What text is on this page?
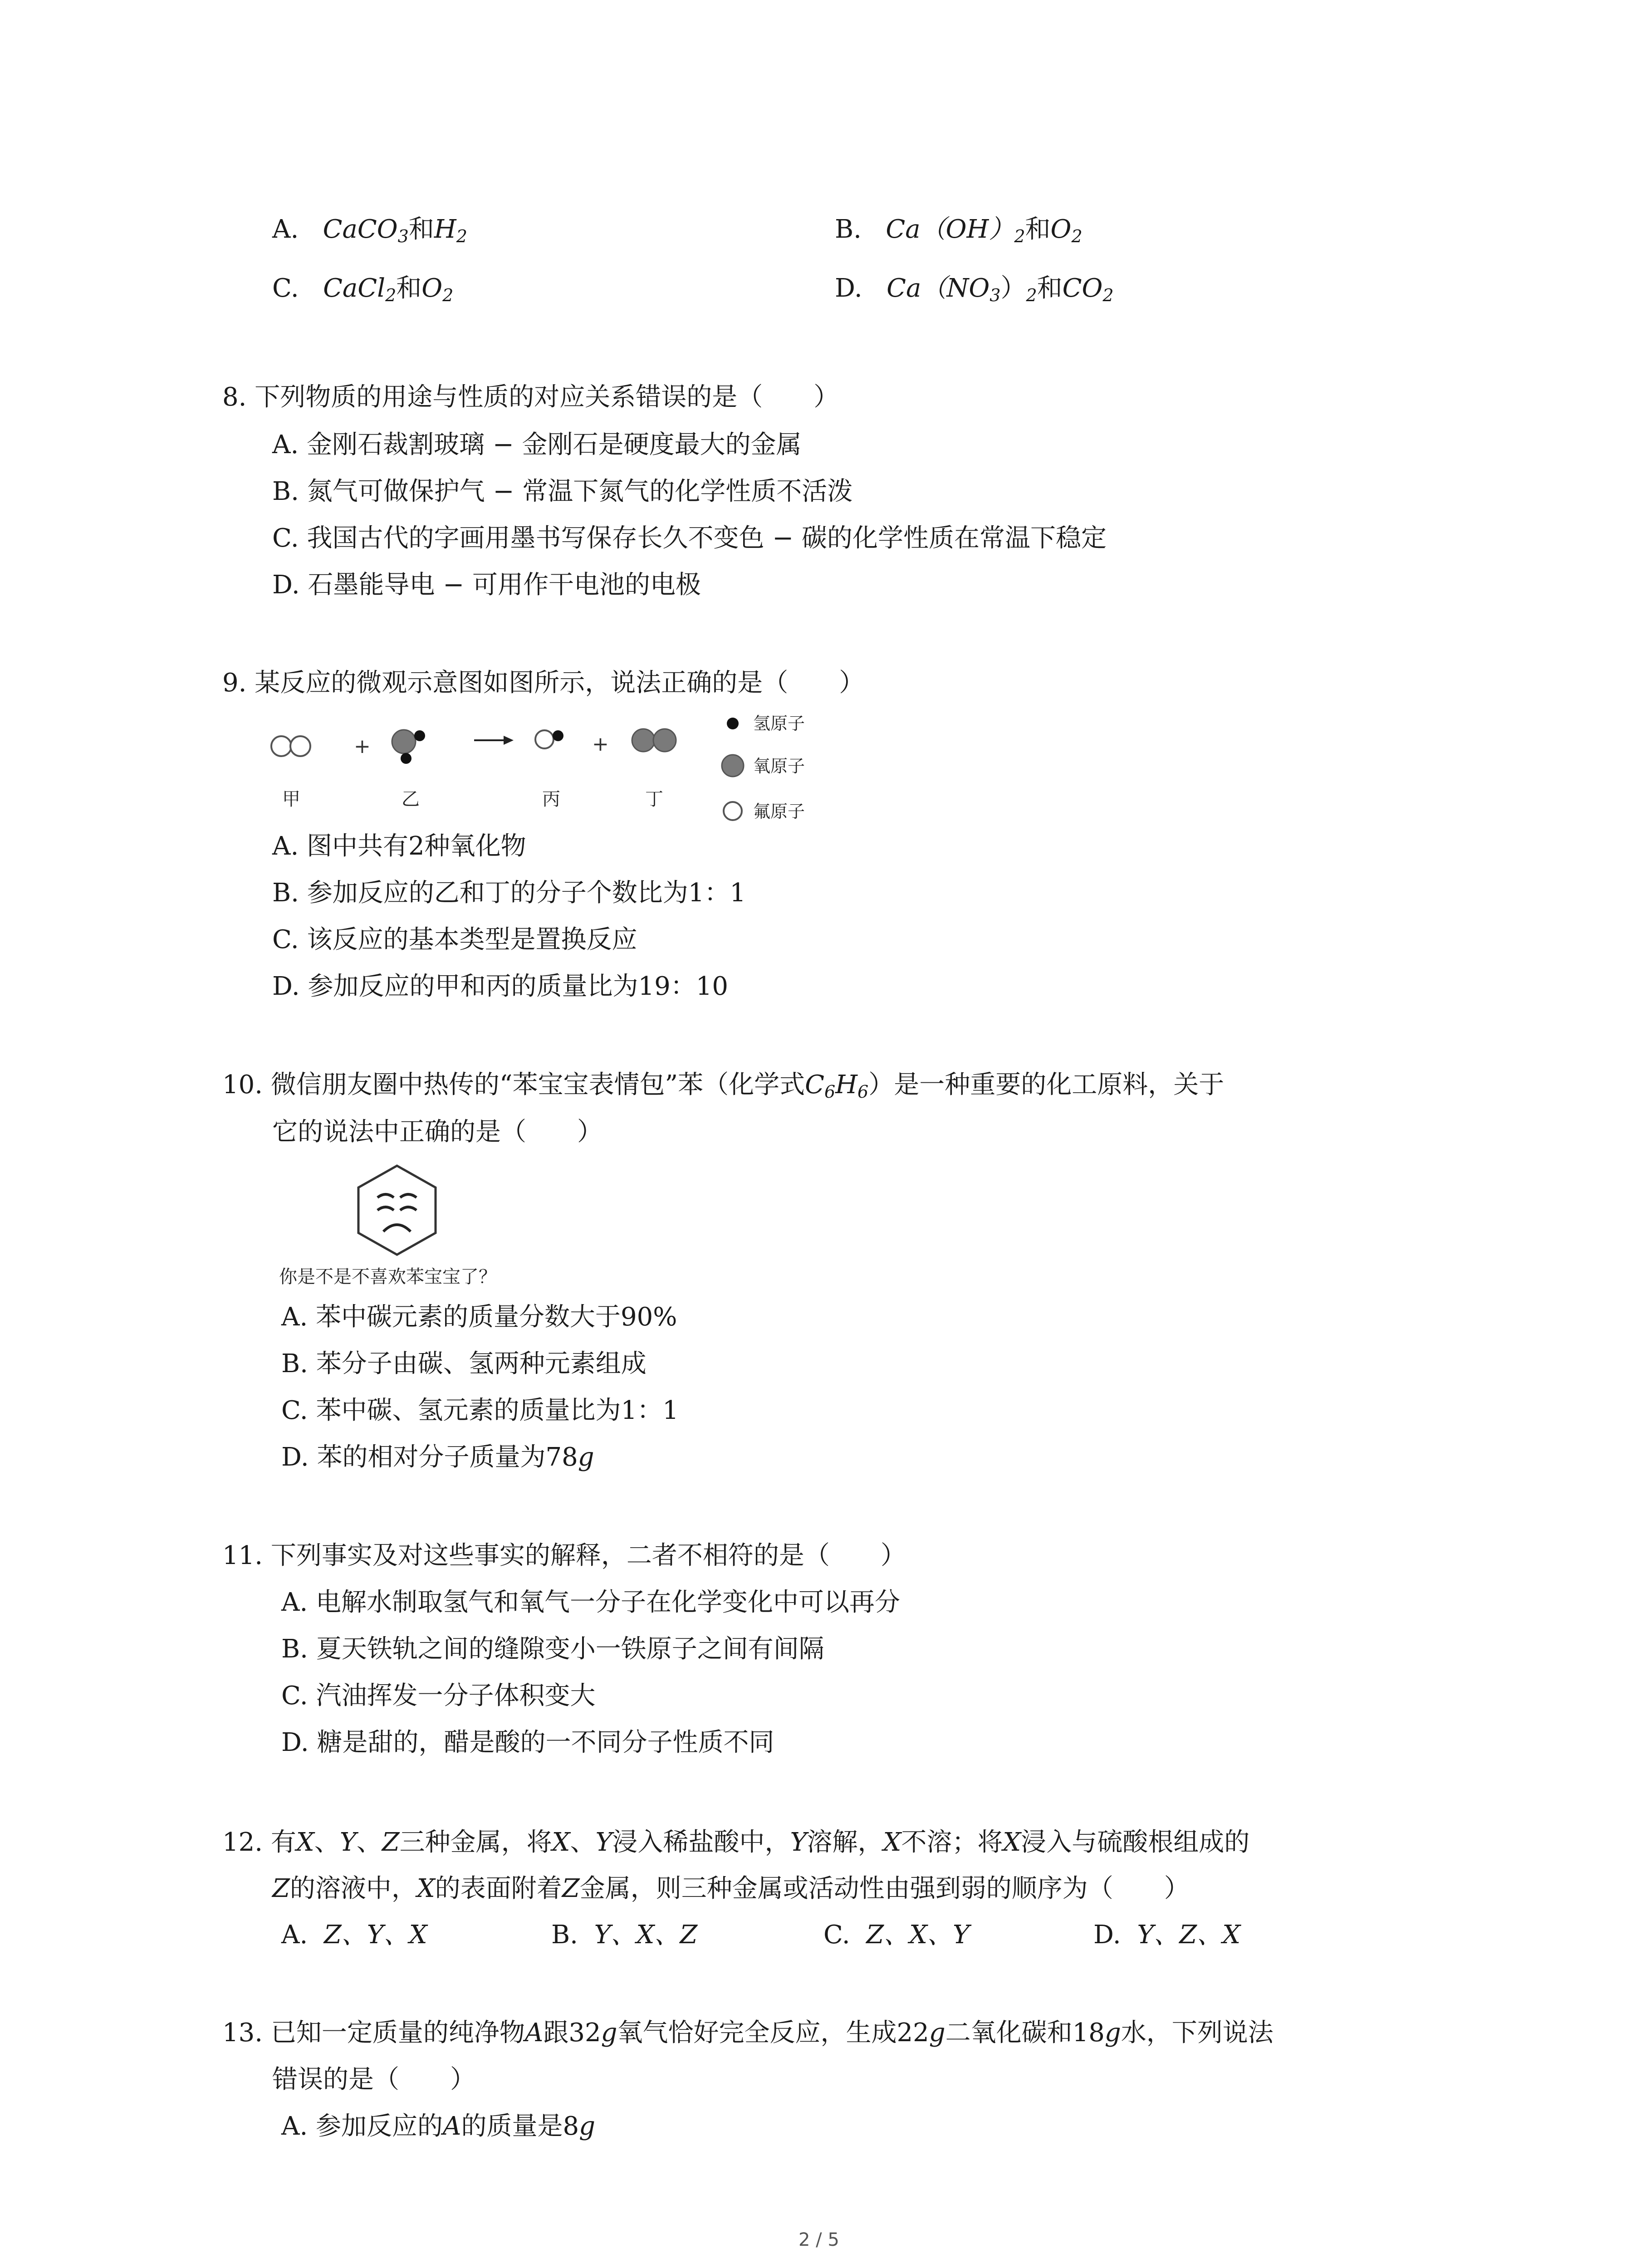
A. CaCO$_3$和$H_2$	B. $Ca(OH)_2$和$O_2$
C. CaCl$_2$和$O_2$	D. $Ca(NO_3)_2$和$CO_2$
8. 下列物质的用途与性质的对应关系错误的是（　　）
A. 金刚石裁割玻璃 − 金刚石是硬度最大的金属
B. 氮气可做保护气 − 常温下氮气的化学性质不活泼
C. 我国古代的字画用墨书写保存长久不变色 − 碳的化学性质在常温下稳定
D. 石墨能导电 − 可用作干电池的电极
9. 某反应的微观示意图如图所示，说法正确的是（　　）
+	+
甲	乙	丙	丁
氢原子
氧原子
氟原子
A. 图中共有2种氧化物
B. 参加反应的乙和丁的分子个数比为1：1
C. 该反应的基本类型是置换反应
D. 参加反应的甲和丙的质量比为19：10
10. 微信朋友圈中热传的“苯宝宝表情包”苯（化学式$C_6H_6$）是一种重要的化工原料，关于
它的说法中正确的是（　　）
你是不是不喜欢苯宝宝了？
A. 苯中碳元素的质量分数大于90%
B. 苯分子由碳、氢两种元素组成
C. 苯中碳、氢元素的质量比为1：1
D. 苯的相对分子质量为78g
11. 下列事实及对这些事实的解释，二者不相符的是（　　）
A. 电解水制取氢气和氧气一分子在化学变化中可以再分
B. 夏天铁轨之间的缝隙变小一铁原子之间有间隔
C. 汽油挥发一分子体积变大
D. 糖是甜的，醋是酸的一不同分子性质不同
12. 有X、Y、Z三种金属，将X、Y浸入稀盐酸中，Y溶解，X不溶；将X浸入与硫酸根组成的
Z的溶液中，X的表面附着Z金属，则三种金属或活动性由强到弱的顺序为（　　）
A. Z、Y、X	B. Y、X、Z	C. Z、X、Y	D. Y、Z、X
13. 已知一定质量的纯净物A跟32g氧气恰好完全反应，生成22g二氧化碳和18g水，下列说法
错误的是（　　）
A. 参加反应的A的质量是8g
2 / 5
